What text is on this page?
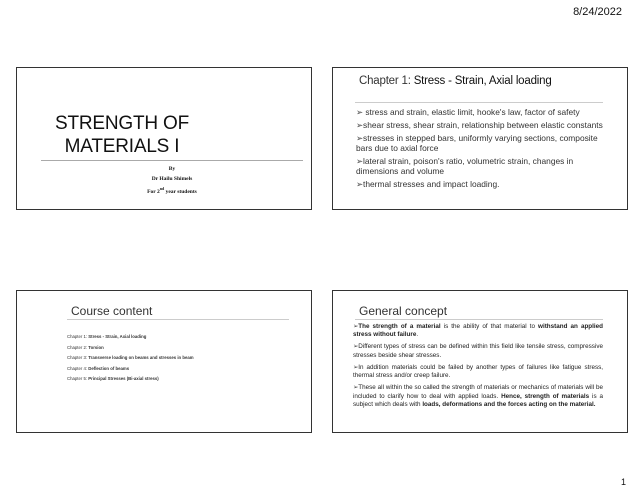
8/24/2022
STRENGTH OF
MATERIALS I
By
Dr Hailu Shimels
For 2nd year students
Chapter 1: Stress - Strain, Axial loading
➢ stress and strain, elastic limit, hooke's law, factor of safety
➢shear stress, shear strain, relationship between elastic constants
➢stresses in stepped bars, uniformly varying sections, composite bars due to axial force
➢lateral strain, poison's ratio, volumetric strain, changes in dimensions and volume
➢thermal stresses and impact loading.
Course content
Chapter 1: Stress - Strain, Axial loading
Chapter 2: Torsion
Chapter 3: Transverse loading on beams and stresses in beam
Chapter 4: Deflection of beams
Chapter 5: Principal Stresses (Bi-axial stress)
General concept

➢The strength of a material is the ability of that material to withstand an applied stress without failure.

➢Different types of stress can be defined within this field like tensile stress, compressive stresses beside shear stresses.

➢In addition materials could be failed by another types of failures like fatigue stress, thermal stress and/or creep failure.

➢These all within the so called the strength of materials or mechanics of materials will be included to clarify how to deal with applied loads. Hence, strength of materials is a subject which deals with loads, deformations and the forces acting on the material.

1
